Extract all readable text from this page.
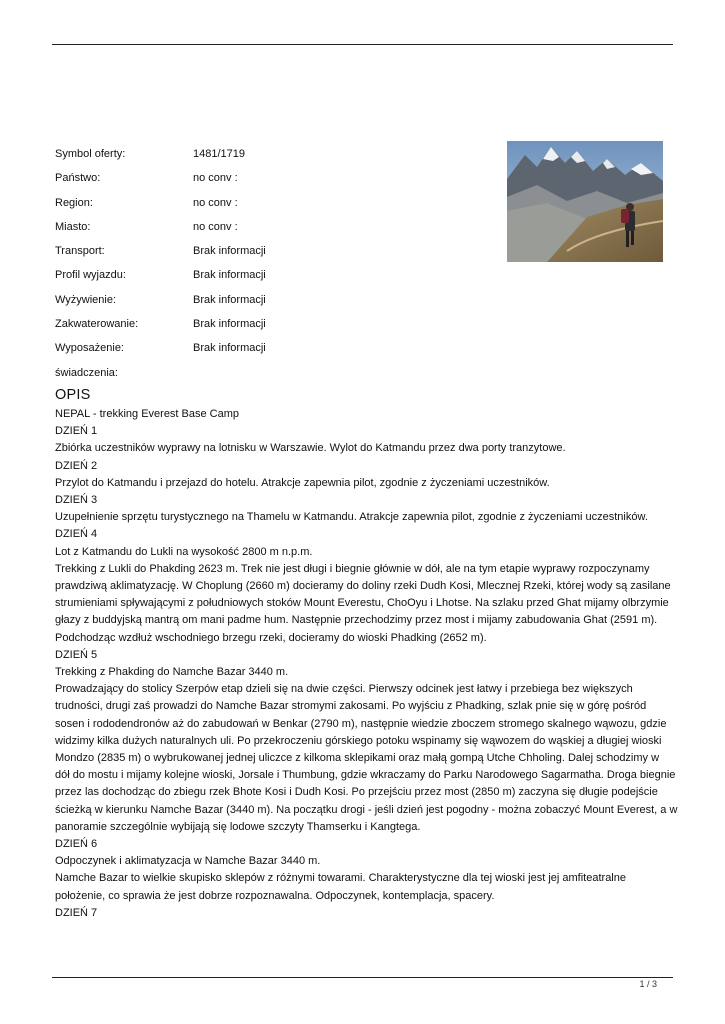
Symbol oferty:	1481/1719
Państwo:	no conv :
Region:	no conv :
Miasto:	no conv :
Transport:	Brak informacji
Profil wyjazdu:	Brak informacji
Wyżywienie:	Brak informacji
Zakwaterowanie:	Brak informacji
Wyposażenie:	Brak informacji
świadczenia:
OPIS
NEPAL - trekking Everest Base Camp
DZIEŃ 1
Zbiórka uczestników wyprawy na lotnisku w Warszawie. Wylot do Katmandu przez dwa porty tranzytowe.
DZIEŃ 2
Przylot do Katmandu i przejazd do hotelu. Atrakcje zapewnia pilot, zgodnie z życzeniami uczestników.
DZIEŃ 3
Uzupełnienie sprzętu turystycznego na Thamelu w Katmandu. Atrakcje zapewnia pilot, zgodnie z życzeniami uczestników.
DZIEŃ 4
Lot z Katmandu do Lukli na wysokość 2800 m n.p.m.
Trekking z Lukli do Phakding 2623 m. Trek nie jest długi i biegnie głównie w dół, ale na tym etapie wyprawy rozpoczynamy
prawdziwą aklimatyzację. W Choplung (2660 m) docieramy do doliny rzeki Dudh Kosi, Mlecznej Rzeki, której wody są zasilane
strumieniami spływającymi z południowych stoków Mount Everestu, ChoOyu i Lhotse. Na szlaku przed Ghat mijamy olbrzymie
głazy z buddyjską mantrą om mani padme hum. Następnie przechodzimy przez most i mijamy zabudowania Ghat (2591 m).
Podchodząc wzdłuż wschodniego brzegu rzeki, docieramy do wioski Phadking (2652 m).
DZIEŃ 5
Trekking z Phakding do Namche Bazar 3440 m.
Prowadzający do stolicy Szerpów etap dzieli się na dwie części. Pierwszy odcinek jest łatwy i przebiega bez większych
trudności, drugi zaś prowadzi do Namche Bazar stromymi zakosami. Po wyjściu z Phadking, szlak pnie się w górę pośród
sosen i rododendronów aż do zabudowań w Benkar (2790 m), następnie wiedzie zboczem stromego skalnego wąwozu, gdzie
widzimy kilka dużych naturalnych uli. Po przekroczeniu górskiego potoku wspinamy się wąwozem do wąskiej a długiej wioski
Mondzo (2835 m) o wybrukowanej jednej uliczce z kilkoma sklepikami oraz małą gompą Utche Chholing. Dalej schodzimy w
dół do mostu i mijamy kolejne wioski, Jorsale i Thumbung, gdzie wkraczamy do Parku Narodowego Sagarmatha. Droga biegnie
przez las dochodząc do zbiegu rzek Bhote Kosi i Dudh Kosi. Po przejściu przez most (2850 m) zaczyna się długie podejście
ścieżką w kierunku Namche Bazar (3440 m). Na początku drogi - jeśli dzień jest pogodny - można zobaczyć Mount Everest, a w
panoramie szczególnie wybijają się lodowe szczyty Thamserku i Kangtega.
DZIEŃ 6
Odpoczynek i aklimatyzacja w Namche Bazar 3440 m.
Namche Bazar to wielkie skupisko sklepów z różnymi towarami. Charakterystyczne dla tej wioski jest jej amfiteatralne
położenie, co sprawia że jest dobrze rozpoznawalna. Odpoczynek, kontemplacja, spacery.
DZIEŃ 7
1 / 3
